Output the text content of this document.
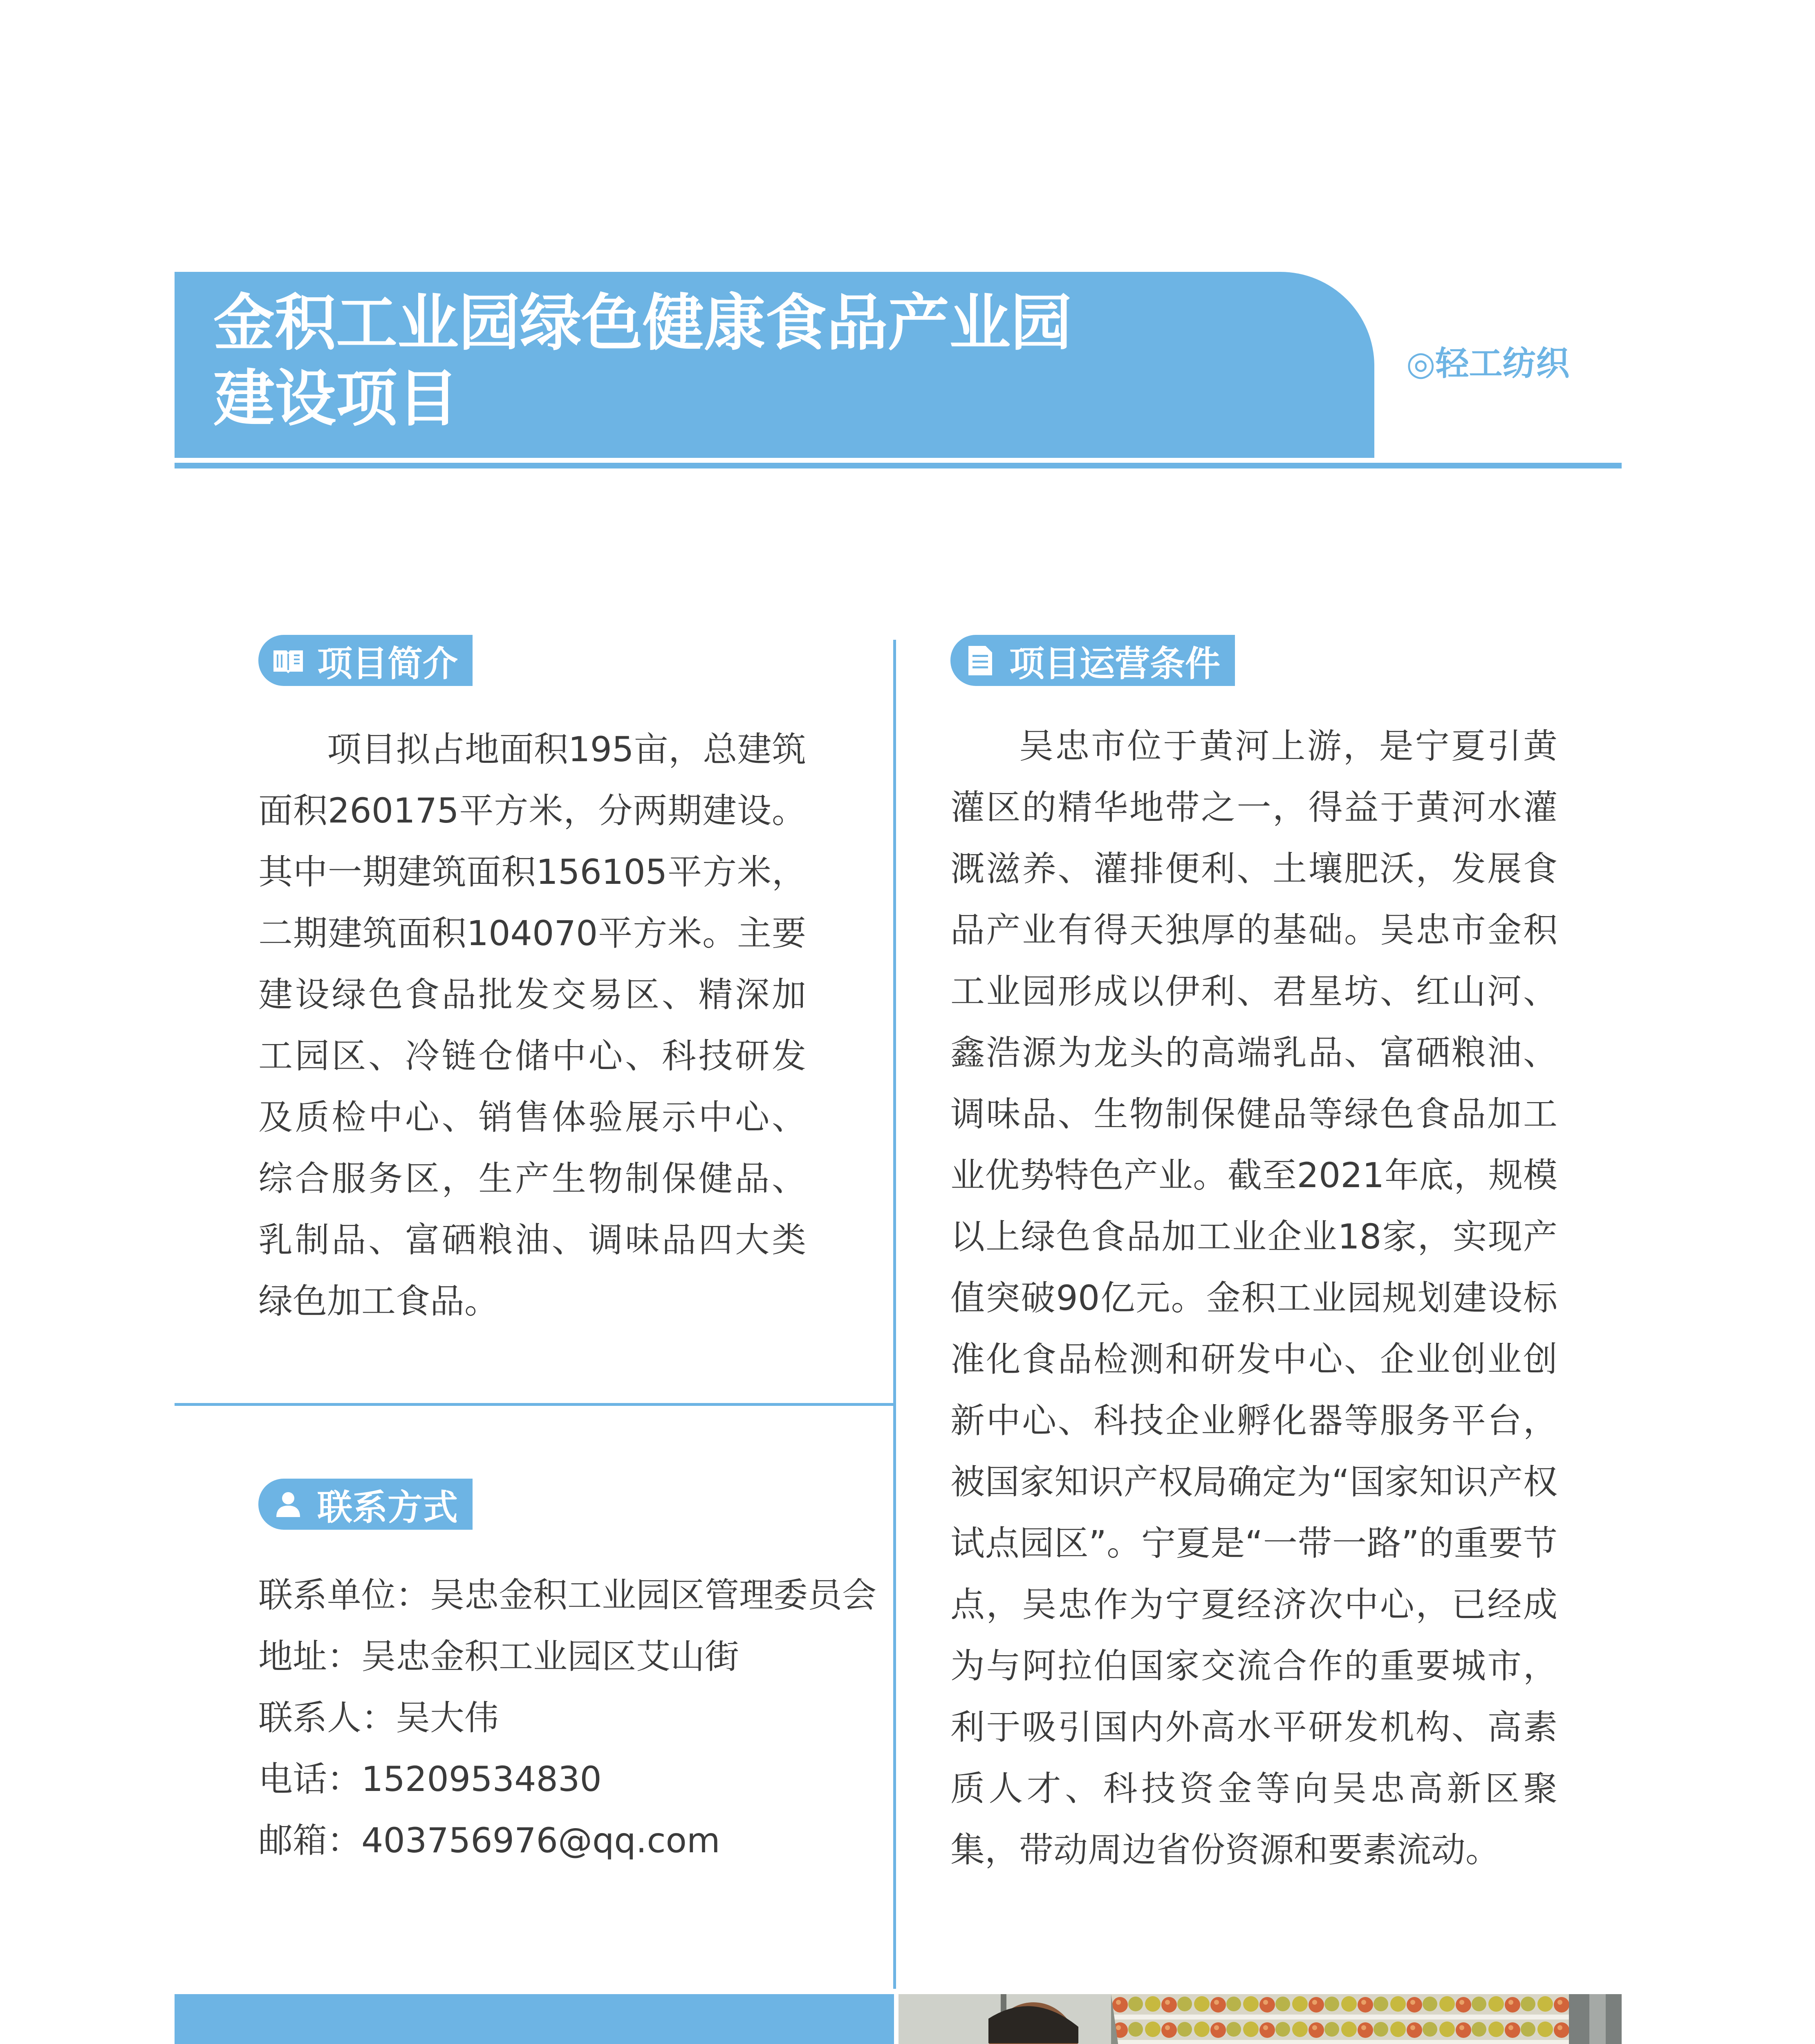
金积工业园绿色健康食品产业园
建设项目	◎轻工纺织
项目简介
项目拟占地面积195亩，总建筑面积260175平方米，分两期建设。其中一期建筑面积156105平方米，二期建筑面积104070平方米。主要建设绿色食品批发交易区、精深加工园区、冷链仓储中心、科技研发及质检中心、销售体验展示中心、综合服务区，生产生物制保健品、乳制品、富硒粮油、调味品四大类绿色加工食品。
联系方式
联系单位：吴忠金积工业园区管理委员会
地址：吴忠金积工业园区艾山街
联系人：吴大伟
电话：15209534830
邮箱：403756976@qq.com
项目运营条件
吴忠市位于黄河上游，是宁夏引黄灌区的精华地带之一，得益于黄河水灌溉滋养、灌排便利、土壤肥沃，发展食品产业有得天独厚的基础。吴忠市金积工业园形成以伊利、君星坊、红山河、鑫浩源为龙头的高端乳品、富硒粮油、调味品、生物制保健品等绿色食品加工业优势特色产业。截至2021年底，规模以上绿色食品加工业企业18家，实现产值突破90亿元。金积工业园规划建设标准化食品检测和研发中心、企业创业创新中心、科技企业孵化器等服务平台，被国家知识产权局确定为“国家知识产权试点园区”。宁夏是“一带一路”的重要节点，吴忠作为宁夏经济次中心，已经成为与阿拉伯国家交流合作的重要城市，利于吸引国内外高水平研发机构、高素质人才、科技资金等向吴忠高新区聚集，带动周边省份资源和要素流动。
